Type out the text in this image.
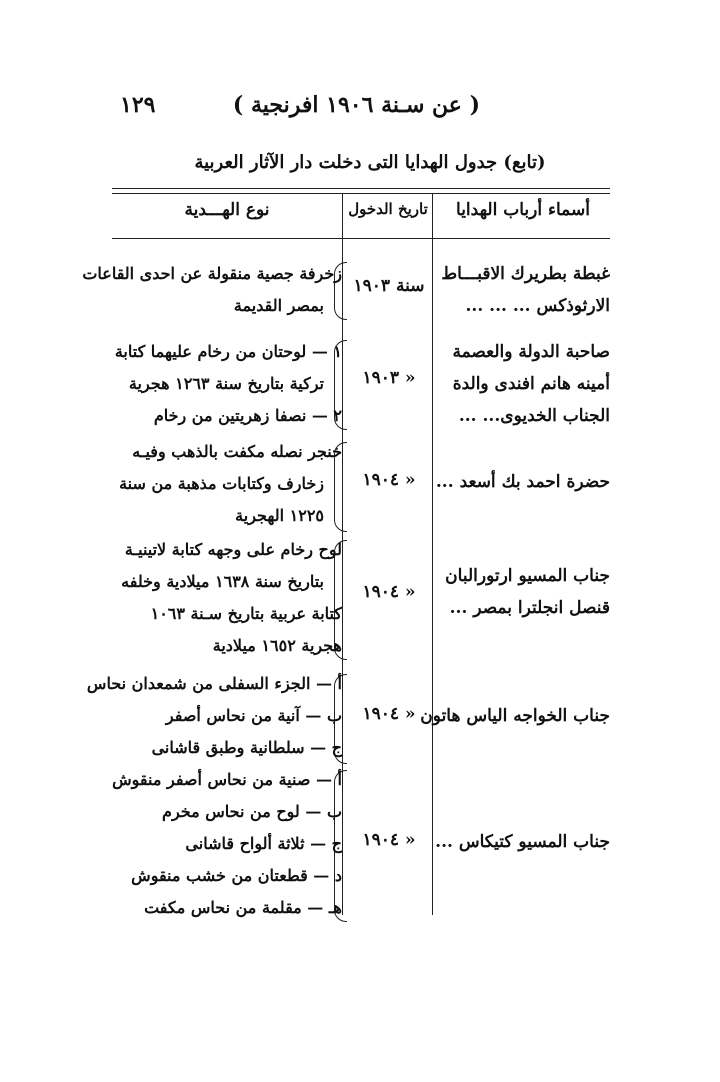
( عن سـنة ١٩٠٦ افرنجية )
١٢٩
(تابع) جدول الهدايا التى دخلت دار الآثار العربية
أسماء أرباب الهدايا
تاريخ الدخول
نوع الهـــدية
غبطة بطريرك الاقبـــاط
الارثوذكس ... ... ...
سنة ١٩٠٣
زخرفة جصية منقولة عن احدى القاعات
بمصر القديمة
صاحبة الدولة والعصمة
أمينه هانم افندى والدة
الجناب الخديوى... ...
« ١٩٠٣
١ — لوحتان من رخام عليهما كتابة
تركية بتاريخ سنة ١٢٦٣ هجرية
٢ — نصفا زهريتين من رخام
حضرة احمد بك أسعد ...
« ١٩٠٤
خنجر نصله مكفت بالذهب وفيـه
زخارف وكتابات مذهبة من سنة
١٢٢٥ الهجرية
جناب المسيو ارتورالبان
قنصل انجلترا بمصر ...
« ١٩٠٤
لوح رخام على وجهه كتابة لاتينيـة
بتاريخ سنة ١٦٣٨ ميلادية وخلفه
كتابة عربية بتاريخ سـنة ١٠٦٣
هجرية ١٦٥٢ ميلادية
جناب الخواجه الياس هاتون
« ١٩٠٤
أ — الجزء السفلى من شمعدان نحاس
ب — آنية من نحاس أصفر
ج — سلطانية وطبق قاشانى
جناب المسيو كتيكاس ...
« ١٩٠٤
أ — صنية من نحاس أصفر منقوش
ب — لوح من نحاس مخرم
ج — ثلاثة ألواح قاشانى
د — قطعتان من خشب منقوش
هـ — مقلمة من نحاس مكفت
